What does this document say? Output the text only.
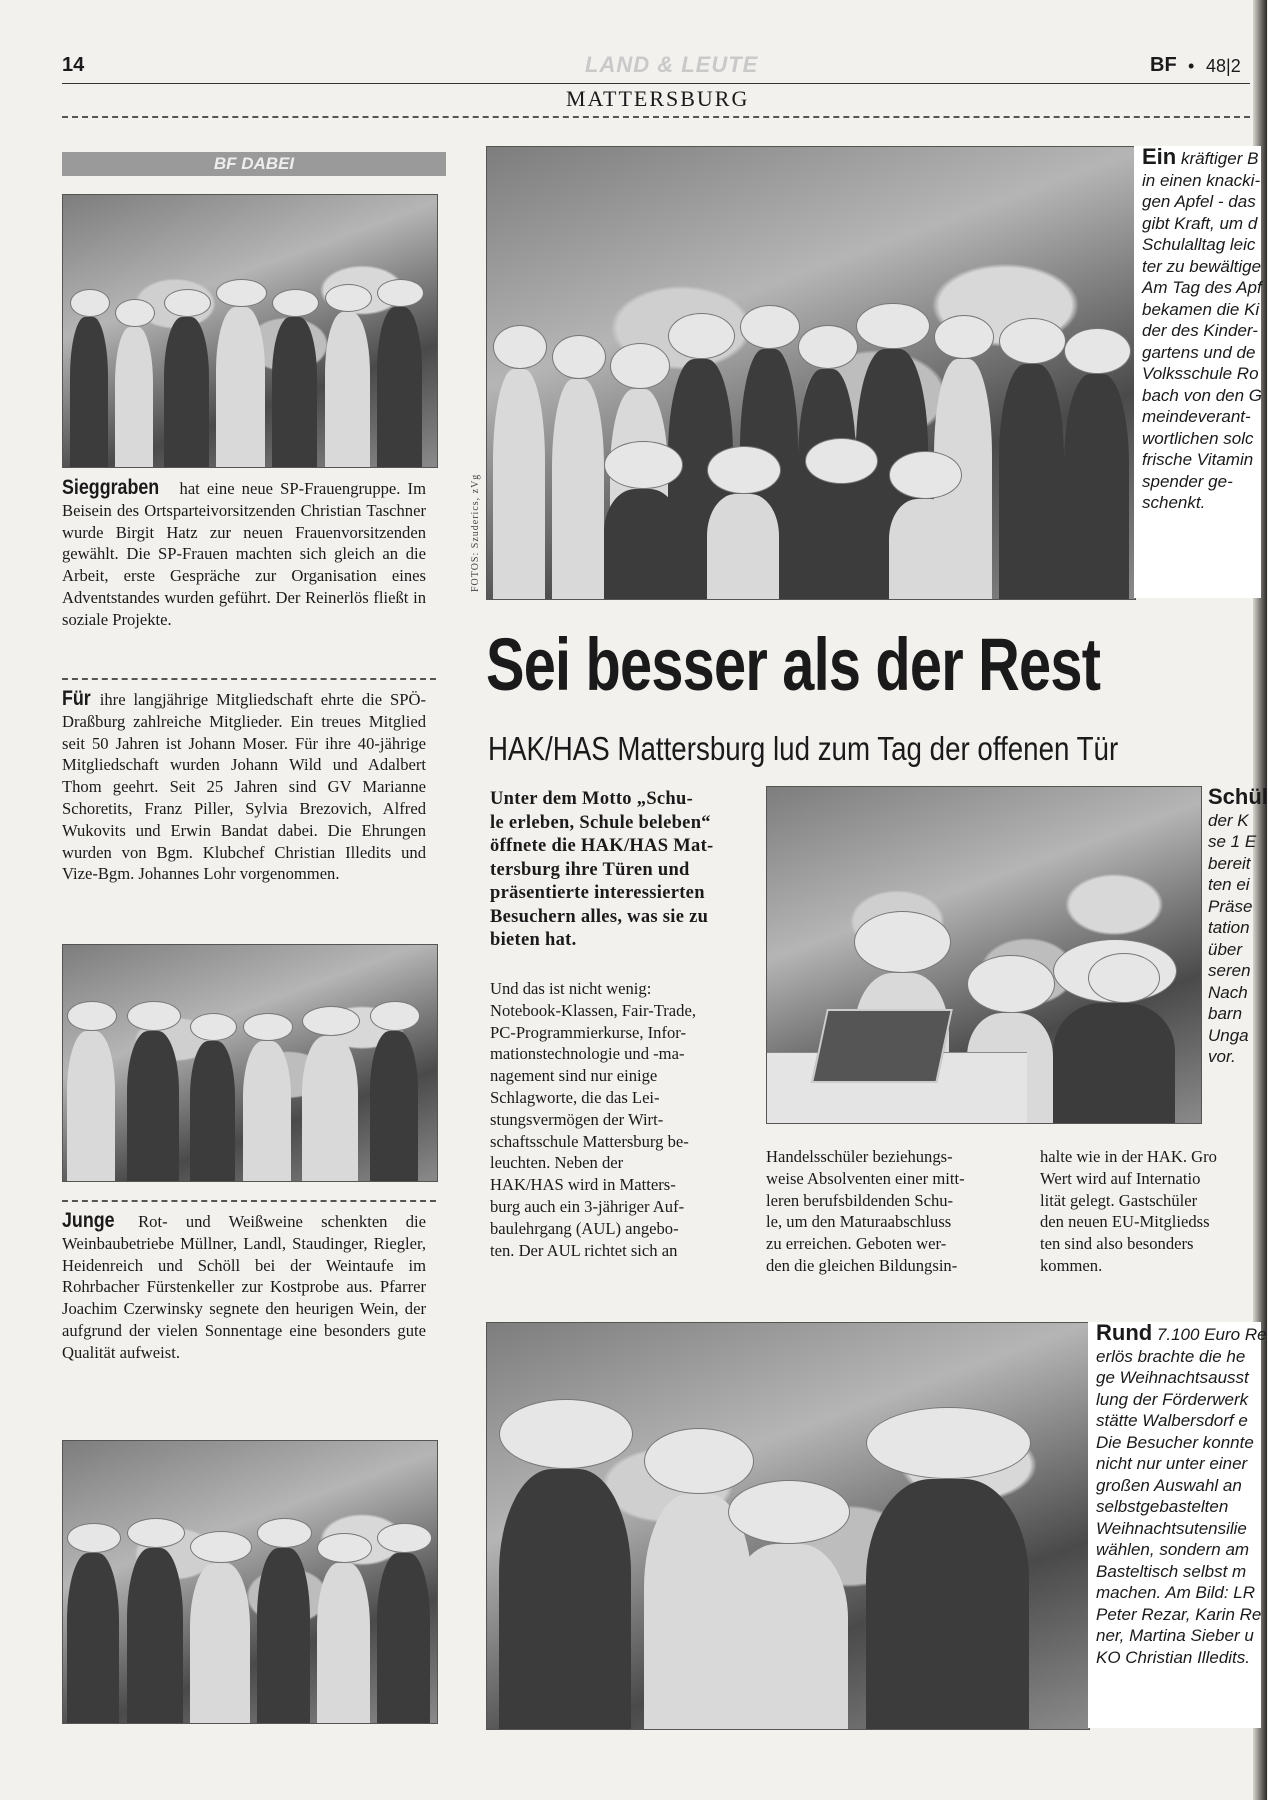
14	LAND & LEUTE
MATTERSBURG
BF • 48|2
BF DABEI
Sieggraben hat eine neue SP-Frauengruppe. Im Beisein des Ortsparteivorsitzenden Christian Taschner wurde Birgit Hatz zur neuen Frauenvorsitzenden gewählt. Die SP-Frauen machten sich gleich an die Arbeit, erste Gespräche zur Organisation eines Adventstandes wurden geführt. Der Reinerlös fließt in soziale Projekte.
Für ihre langjährige Mitgliedschaft ehrte die SPÖ-Draßburg zahlreiche Mitglieder. Ein treues Mitglied seit 50 Jahren ist Johann Moser. Für ihre 40-jährige Mitgliedschaft wurden Johann Wild und Adalbert Thom geehrt. Seit 25 Jahren sind GV Marianne Schoretits, Franz Piller, Sylvia Brezovich, Alfred Wukovits und Erwin Bandat dabei. Die Ehrungen wurden von Bgm. Klubchef Christian Illedits und Vize-Bgm. Johannes Lohr vorgenommen.
Junge Rot- und Weißweine schenkten die Weinbaubetriebe Müllner, Landl, Staudinger, Riegler, Heidenreich und Schöll bei der Weintaufe im Rohrbacher Fürstenkeller zur Kostprobe aus. Pfarrer Joachim Czerwinsky segnete den heurigen Wein, der aufgrund der vielen Sonnentage eine besonders gute Qualität aufweist.
FOTOS: Szuderics, zVg
Ein kräftiger B
in einen knacki-
gen Apfel - das
gibt Kraft, um d
Schulalltag leic
ter zu bewältige
Am Tag des Apf
bekamen die Ki
der des Kinder-
gartens und de
Volksschule Ro
bach von den G
meindeverant-
wortlichen solc
frische Vitamin
spender ge-
schenkt.
Sei besser als der Rest
HAK/HAS Mattersburg lud zum Tag der offenen Tür
Unter dem Motto „Schu-
le erleben, Schule beleben“
öffnete die HAK/HAS Mat-
tersburg ihre Türen und
präsentierte interessierten
Besuchern alles, was sie zu
bieten hat.
Und das ist nicht wenig:
Notebook-Klassen, Fair-Trade,
PC-Programmierkurse, Infor-
mationstechnologie und -ma-
nagement sind nur einige
Schlagworte, die das Lei-
stungsvermögen der Wirt-
schaftsschule Mattersburg be-
leuchten. Neben der
HAK/HAS wird in Matters-
burg auch ein 3-jähriger Auf-
baulehrgang (AUL) angebo-
ten. Der AUL richtet sich an
Schül
der K
se 1 E
bereit
ten ei
Präse
tation
über
seren
Nach
barn
Unga
vor.
Handelsschüler beziehungs-
weise Absolventen einer mitt-
leren berufsbildenden Schu-
le, um den Maturaabschluss
zu erreichen. Geboten wer-
den die gleichen Bildungsin-
halte wie in der HAK. Gro
Wert wird auf Internatio
lität gelegt. Gastschüler
den neuen EU-Mitgliedss
ten sind also besonders
kommen.
Rund 7.100 Euro Re
erlös brachte die he
ge Weihnachtsausst
lung der Förderwerk
stätte Walbersdorf e
Die Besucher konnte
nicht nur unter einer
großen Auswahl an
selbstgebastelten
Weihnachtsutensilie
wählen, sondern am
Basteltisch selbst m
machen. Am Bild: LR
Peter Rezar, Karin Re
ner, Martina Sieber u
KO Christian Illedits.
